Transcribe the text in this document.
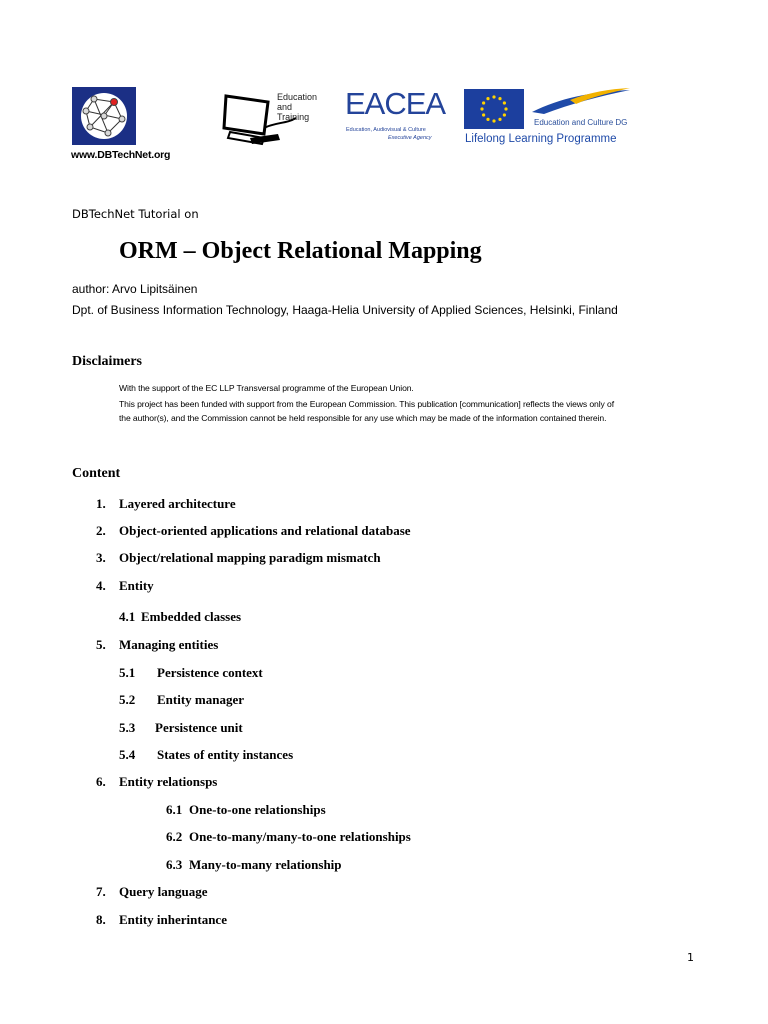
www.DBTechNet.org
Education
and
Training EACEA
Education, Audiovisual & Culture
Executive Agency
Education and Culture DG
Lifelong Learning Programme
DBTechNet Tutorial on
ORM – Object Relational Mapping
author: Arvo Lipitsäinen
Dpt. of Business Information Technology, Haaga-Helia University of Applied Sciences, Helsinki, Finland
Disclaimers
With the support of the EC LLP Transversal programme of the European Union.
This project has been funded with support from the European Commission. This publication [communication] reflects the views only of
the author(s), and the Commission cannot be held responsible for any use which may be made of the information contained therein.
Content
1. Layered architecture
2. Object-oriented applications and relational database
3. Object/relational mapping paradigm mismatch
4. Entity
4.1 Embedded classes
5. Managing entities
5.1 Persistence context
5.2 Entity manager
5.3 Persistence unit
5.4 States of entity instances
6. Entity relationsps
6.1 One-to-one relationships
6.2 One-to-many/many-to-one relationships
6.3 Many-to-many relationship
7. Query language
8. Entity inherintance
1
